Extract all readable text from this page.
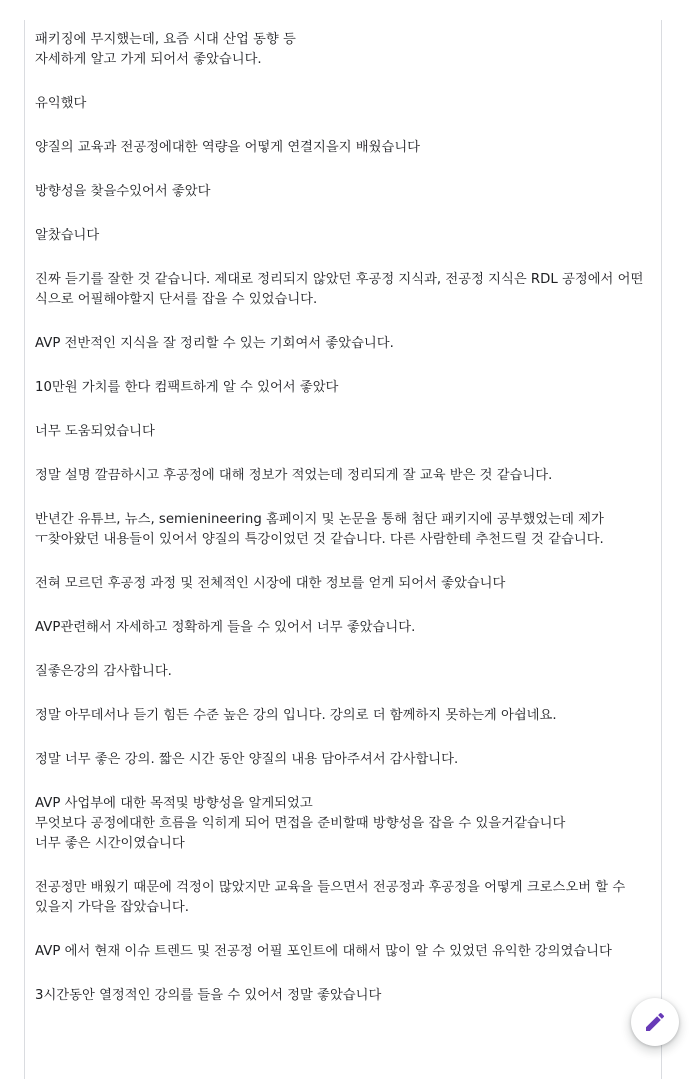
패키징에 무지했는데, 요즘 시대 산업 동향 등
자세하게 알고 가게 되어서 좋았습니다.
유익했다
양질의 교육과 전공정에대한 역량을 어떻게 연결지을지 배웠습니다
방향성을 찾을수있어서 좋았다
알찼습니다
진짜 듣기를 잘한 것 같습니다. 제대로 정리되지 않았던 후공정 지식과, 전공정 지식은 RDL 공정에서 어떤 식으로 어필해야할지 단서를 잡을 수 있었습니다.
AVP 전반적인 지식을 잘 정리할 수 있는 기회여서 좋았습니다.
10만원 가치를 한다 컴팩트하게 알 수 있어서 좋았다
너무 도움되었습니다
정말 설명 깔끔하시고 후공정에 대해 정보가 적었는데 정리되게 잘 교육 받은 것 같습니다.
반년간 유튜브, 뉴스, semienineering 홈페이지 및 논문을 통해 첨단 패키지에 공부했었는데 제가 ㅜ찾아왔던 내용들이 있어서 양질의 특강이었던 것 같습니다. 다른 사람한테 추천드릴 것 같습니다.
전혀 모르던 후공정 과정 및 전체적인 시장에 대한 정보를 얻게 되어서 좋았습니다
AVP관련해서 자세하고 정확하게 들을 수 있어서 너무 좋았습니다.
질좋은강의 감사합니다.
정말 아무데서나 듣기 힘든 수준 높은 강의 입니다. 강의로 더 함께하지 못하는게 아쉽네요.
정말 너무 좋은 강의. 짧은 시간 동안 양질의 내용 담아주셔서 감사합니다.
AVP 사업부에 대한 목적및 방향성을 알게되었고
무엇보다 공정에대한 흐름을 익히게 되어 면접을 준비할때 방향성을 잡을 수 있을거같습니다
너무 좋은 시간이였습니다
전공정만 배웠기 때문에 걱정이 많았지만 교육을 들으면서 전공정과 후공정을 어떻게 크로스오버 할 수 있을지 가닥을 잡았습니다.
AVP 에서 현재 이슈 트렌드 및 전공정 어필 포인트에 대해서 많이 알 수 있었던 유익한 강의였습니다
3시간동안 열정적인 강의를 들을 수 있어서 정말 좋았습니다
